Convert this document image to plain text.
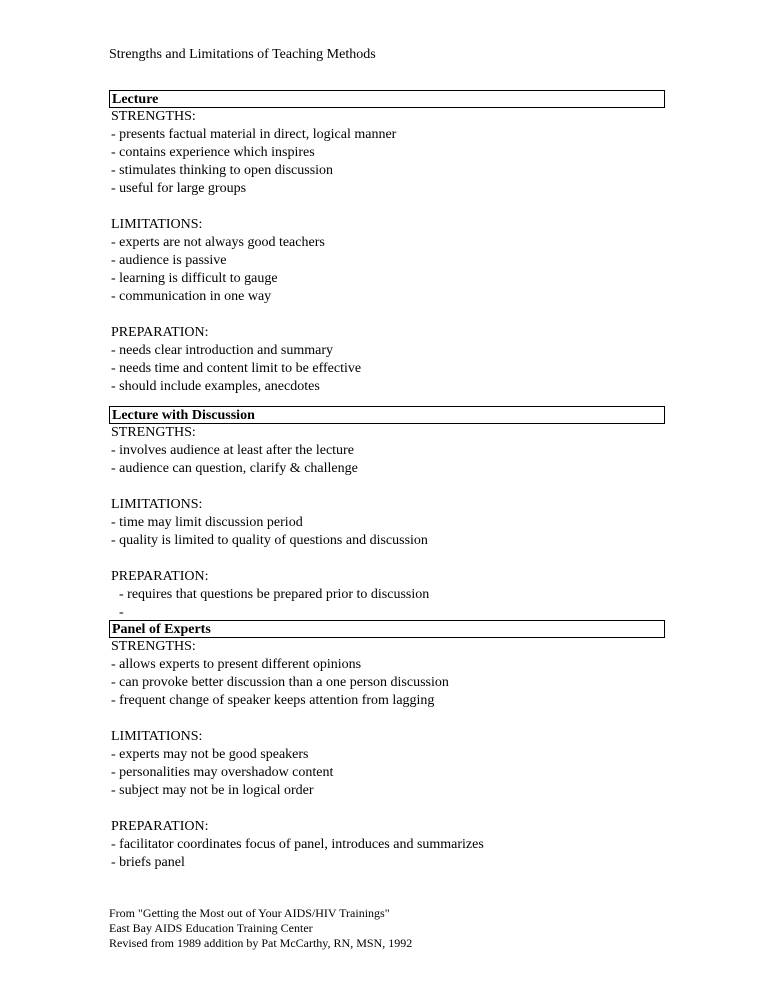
Strengths and Limitations of Teaching Methods
Lecture
STRENGTHS:
- presents factual material in direct, logical manner
- contains experience which inspires
- stimulates thinking to open discussion
- useful for large groups
LIMITATIONS:
- experts are not always good teachers
- audience is passive
- learning is difficult to gauge
- communication in one way
PREPARATION:
- needs clear introduction and summary
- needs time and content limit to be effective
- should include examples, anecdotes
Lecture with Discussion
STRENGTHS:
- involves audience at least after the lecture
- audience can question, clarify & challenge
LIMITATIONS:
- time may limit discussion period
- quality is limited to quality of questions and discussion
PREPARATION:
- requires that questions be prepared prior to discussion
-
Panel of Experts
STRENGTHS:
- allows experts to present different opinions
- can provoke better discussion than a one person discussion
- frequent change of speaker keeps attention from lagging
LIMITATIONS:
- experts may not be good speakers
- personalities may overshadow content
- subject may not be in logical order
PREPARATION:
- facilitator coordinates focus of panel, introduces and summarizes
- briefs panel
From "Getting the Most out of Your AIDS/HIV Trainings"
East Bay AIDS Education Training Center
Revised from 1989 addition by Pat McCarthy, RN, MSN, 1992
